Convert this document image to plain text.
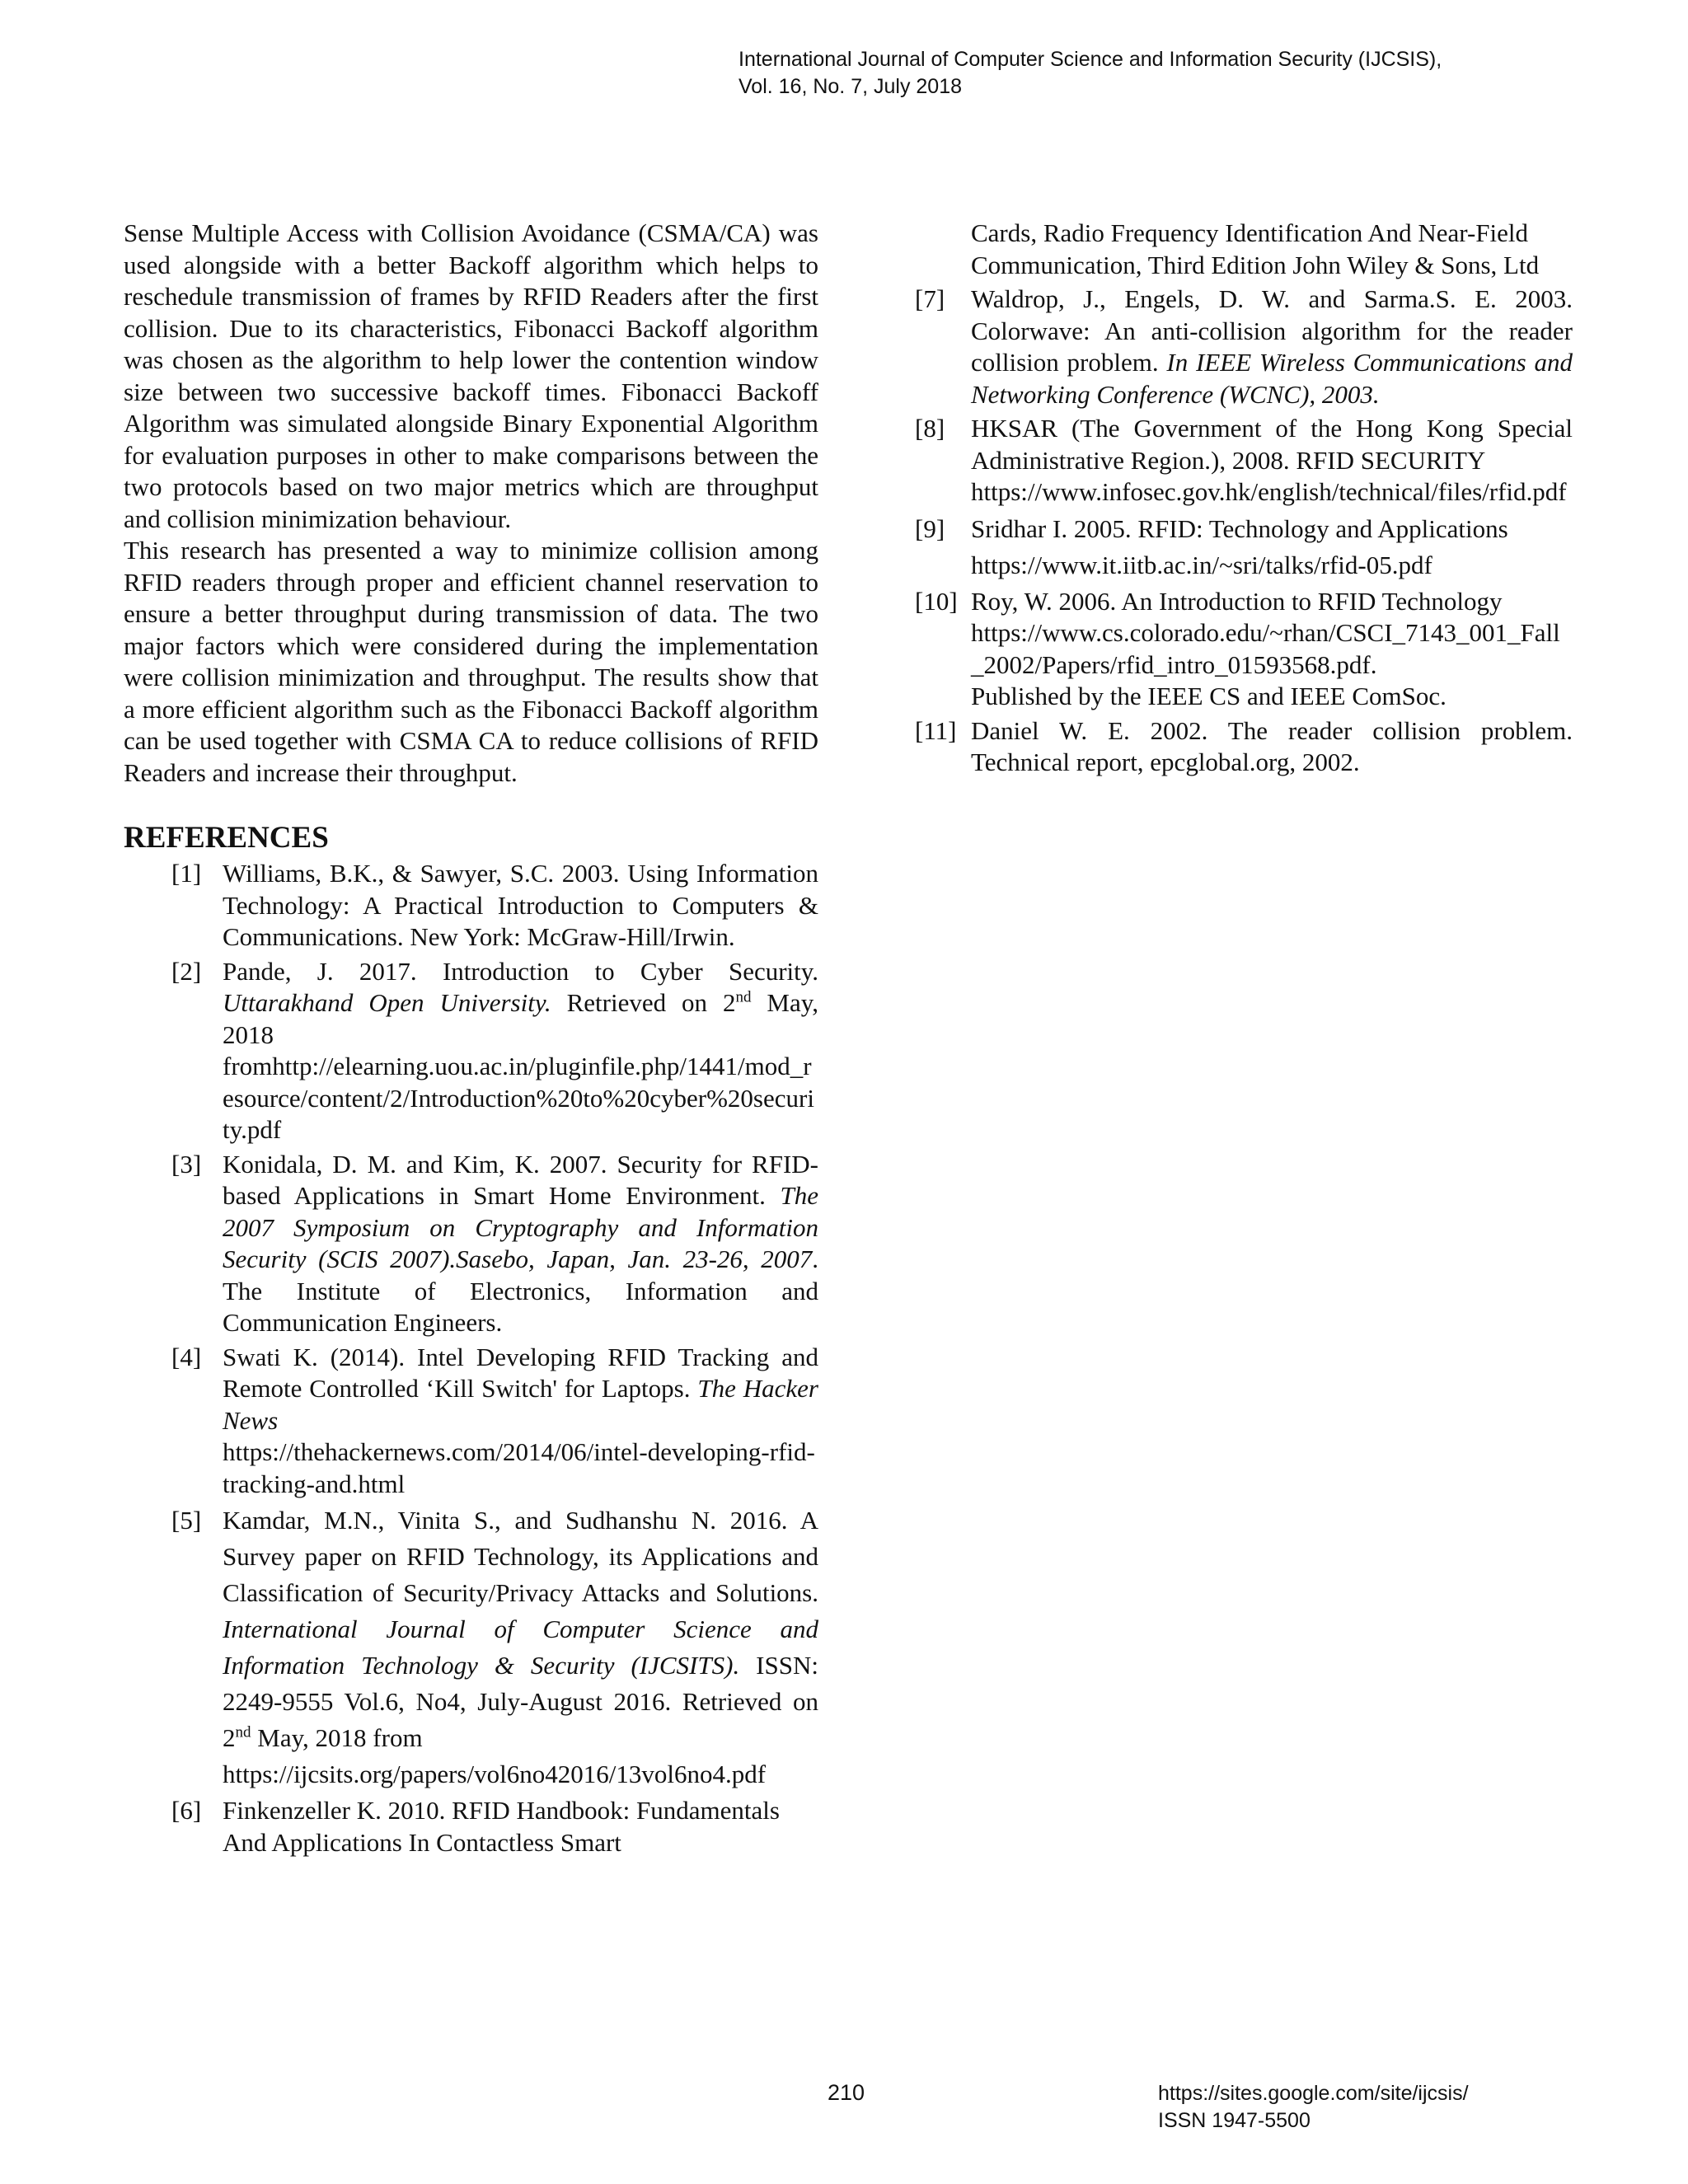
International Journal of Computer Science and Information Security (IJCSIS),
Vol. 16, No. 7, July 2018

Sense Multiple Access with Collision Avoidance (CSMA/CA) was used alongside with a better Backoff algorithm which helps to reschedule transmission of frames by RFID Readers after the first collision. Due to its characteristics, Fibonacci Backoff algorithm was chosen as the algorithm to help lower the contention window size between two successive backoff times. Fibonacci Backoff Algorithm was simulated alongside Binary Exponential Algorithm for evaluation purposes in other to make comparisons between the two protocols based on two major metrics which are throughput and collision minimization behaviour.

This research has presented a way to minimize collision among RFID readers through proper and efficient channel reservation to ensure a better throughput during transmission of data. The two major factors which were considered during the implementation were collision minimization and throughput. The results show that a more efficient algorithm such as the Fibonacci Backoff algorithm can be used together with CSMA CA to reduce collisions of RFID Readers and increase their throughput.

REFERENCES
[1] Williams, B.K., & Sawyer, S.C. 2003. Using Information Technology: A Practical Introduction to Computers & Communications. New York: McGraw-Hill/Irwin.
[2] Pande, J. 2017. Introduction to Cyber Security. Uttarakhand Open University. Retrieved on 2nd May, 2018
fromhttp://elearning.uou.ac.in/pluginfile.php/1441/mod_resource/content/2/Introduction%20to%20cyber%20security.pdf
[3] Konidala, D. M. and Kim, K. 2007. Security for RFID-based Applications in Smart Home Environment. The 2007 Symposium on Cryptography and Information Security (SCIS 2007).Sasebo, Japan, Jan. 23-26, 2007. The Institute of Electronics, Information and Communication Engineers.
[4] Swati K. (2014). Intel Developing RFID Tracking and Remote Controlled ‘Kill Switch' for Laptops. The Hacker News
https://thehackernews.com/2014/06/intel-developing-rfid-tracking-and.html
[5] Kamdar, M.N., Vinita S., and Sudhanshu N. 2016. A Survey paper on RFID Technology, its Applications and Classification of Security/Privacy Attacks and Solutions. International Journal of Computer Science and Information Technology & Security (IJCSITS). ISSN: 2249-9555 Vol.6, No4, July-August 2016. Retrieved on 2nd May, 2018 from
https://ijcsits.org/papers/vol6no42016/13vol6no4.pdf
[6] Finkenzeller K. 2010. RFID Handbook: Fundamentals And Applications In Contactless Smart
Cards, Radio Frequency Identification And Near-Field Communication, Third Edition John Wiley & Sons, Ltd
[7] Waldrop, J., Engels, D. W. and Sarma.S. E. 2003. Colorwave: An anti-collision algorithm for the reader collision problem. In IEEE Wireless Communications and Networking Conference (WCNC), 2003.
[8] HKSAR (The Government of the Hong Kong Special Administrative Region.), 2008. RFID SECURITY
https://www.infosec.gov.hk/english/technical/files/rfid.pdf
[9] Sridhar I. 2005. RFID: Technology and Applications
https://www.it.iitb.ac.in/~sri/talks/rfid-05.pdf
[10] Roy, W. 2006. An Introduction to RFID Technology
https://www.cs.colorado.edu/~rhan/CSCI_7143_001_Fall_2002/Papers/rfid_intro_01593568.pdf.
Published by the IEEE CS and IEEE ComSoc.
[11] Daniel W. E. 2002. The reader collision problem. Technical report, epcglobal.org, 2002.
210	https://sites.google.com/site/ijcsis/
ISSN 1947-5500
